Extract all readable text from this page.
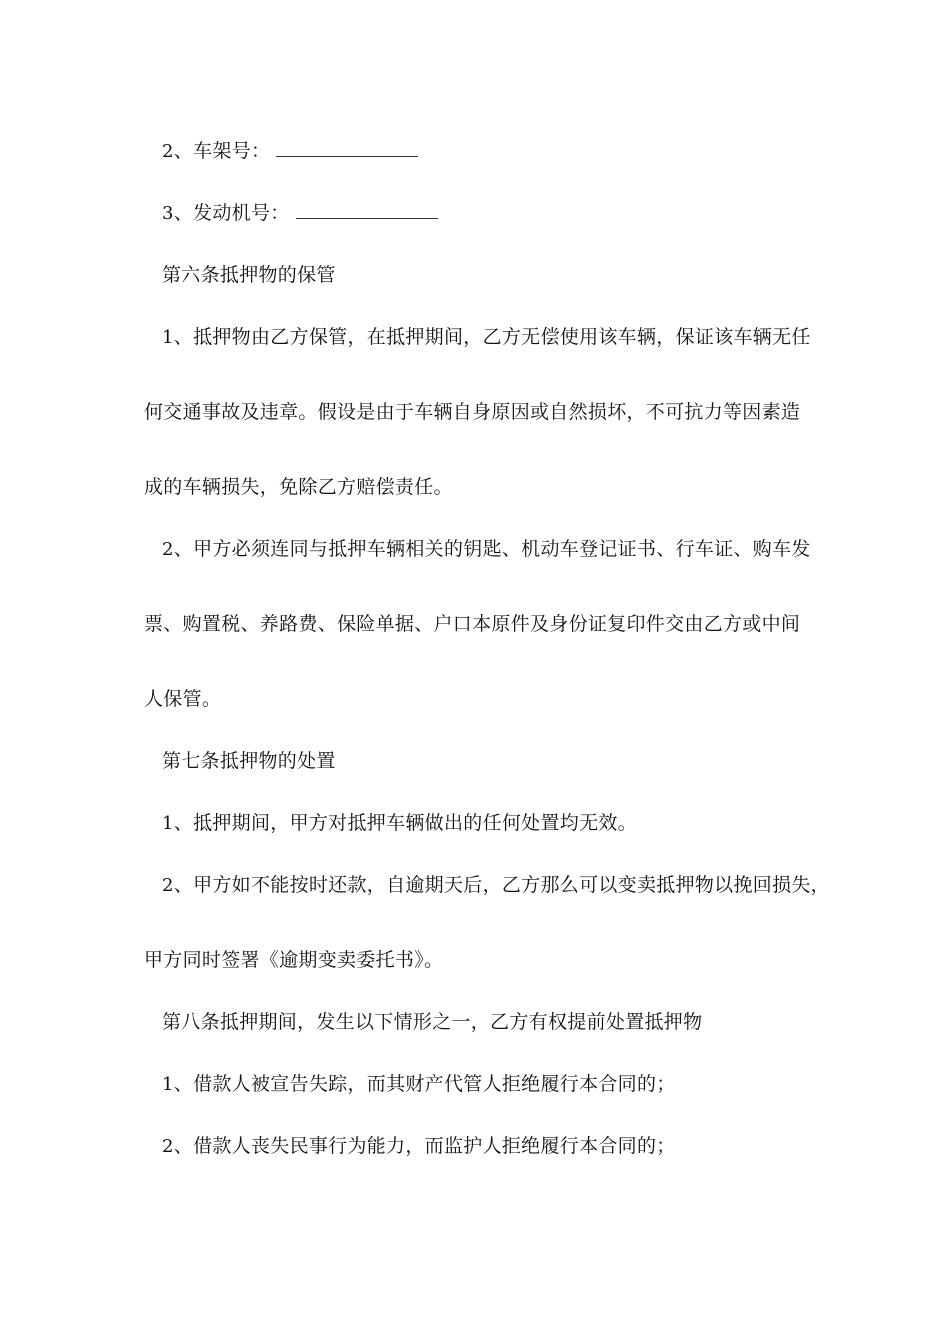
2、车架号：
3、发动机号：
第六条抵押物的保管
1、抵押物由乙方保管，在抵押期间，乙方无偿使用该车辆，保证该车辆无任
何交通事故及违章。假设是由于车辆自身原因或自然损坏，不可抗力等因素造
成的车辆损失，免除乙方赔偿责任。
2、甲方必须连同与抵押车辆相关的钥匙、机动车登记证书、行车证、购车发
票、购置税、养路费、保险单据、户口本原件及身份证复印件交由乙方或中间
人保管。
第七条抵押物的处置
1、抵押期间，甲方对抵押车辆做出的任何处置均无效。
2、甲方如不能按时还款，自逾期天后，乙方那么可以变卖抵押物以挽回损失，
甲方同时签署《逾期变卖委托书》。
第八条抵押期间，发生以下情形之一，乙方有权提前处置抵押物
1、借款人被宣告失踪，而其财产代管人拒绝履行本合同的；
2、借款人丧失民事行为能力，而监护人拒绝履行本合同的；
